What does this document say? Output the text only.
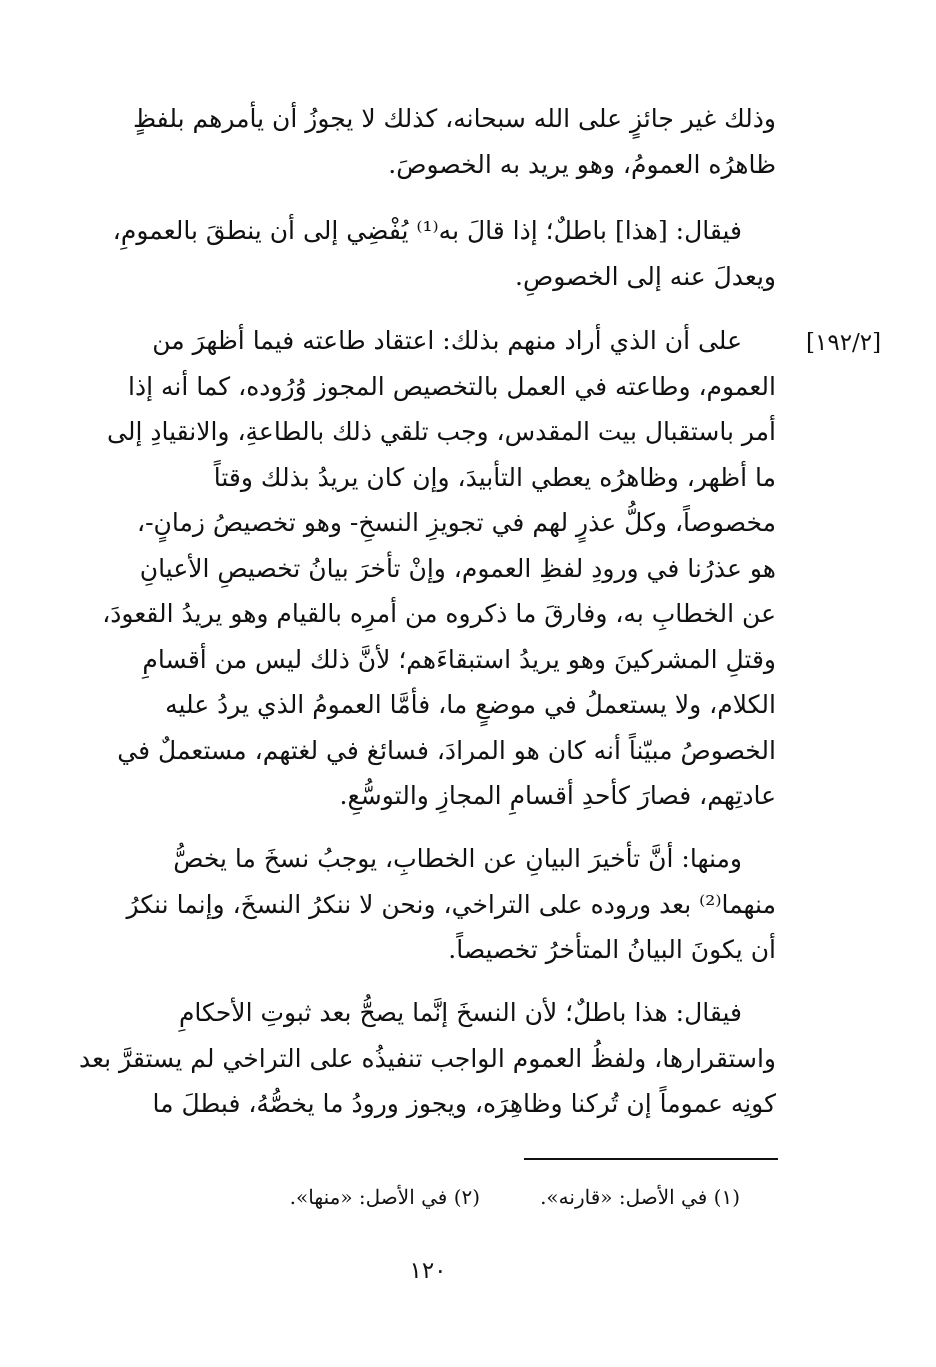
وذلك غير جائزٍ على الله سبحانه، كذلك لا يجوزُ أن يأمرهم بلفظٍ

ظاهرُه العمومُ، وهو يريد به الخصوصَ.

فيقال: [هذا] باطلٌ؛ إذا قالَ به⁽¹⁾ يُفْضِي إلى أن ينطقَ بالعمومِ،

ويعدلَ عنه إلى الخصوصِ.

[١٩٢/٢]

على أن الذي أراد منهم بذلك: اعتقاد طاعته فيما أظهرَ من

العموم، وطاعته في العمل بالتخصيص المجوز وُرُوده، كما أنه إذا

أمر باستقبال بيت المقدس، وجب تلقي ذلك بالطاعةِ، والانقيادِ إلى

ما أظهر، وظاهرُه يعطي التأبيدَ، وإن كان يريدُ بذلك وقتاً

مخصوصاً، وكلُّ عذرٍ لهم في تجويزِ النسخِ- وهو تخصيصُ زمانٍ-،

هو عذرُنا في ورودِ لفظِ العموم، وإنْ تأخرَ بيانُ تخصيصِ الأعيانِ

عن الخطابِ به، وفارقَ ما ذكروه من أمرِه بالقيام وهو يريدُ القعودَ،

وقتلِ المشركينَ وهو يريدُ استبقاءَهم؛ لأنَّ ذلك ليس من أقسامِ

الكلام، ولا يستعملُ في موضعٍ ما، فأمَّا العمومُ الذي يردُ عليه

الخصوصُ مبيّناً أنه كان هو المرادَ، فسائغ في لغتهم، مستعملٌ في

عادتِهم، فصارَ كأحدِ أقسامِ المجازِ والتوسُّعِ.

ومنها: أنَّ تأخيرَ البيانِ عن الخطابِ، يوجبُ نسخَ ما يخصُّ

منهما⁽²⁾ بعد وروده على التراخي، ونحن لا ننكرُ النسخَ، وإنما ننكرُ

أن يكونَ البيانُ المتأخرُ تخصيصاً.

فيقال: هذا باطلٌ؛ لأن النسخَ إنَّما يصحُّ بعد ثبوتِ الأحكامِ

واستقرارها، ولفظُ العموم الواجب تنفيذُه على التراخي لم يستقرَّ بعد

كونِه عموماً إن تُركنا وظاهِرَه، ويجوز ورودُ ما يخصُّهُ، فبطلَ ما

(١) في الأصل: «قارنه».
(٢) في الأصل: «منها».
١٢٠
